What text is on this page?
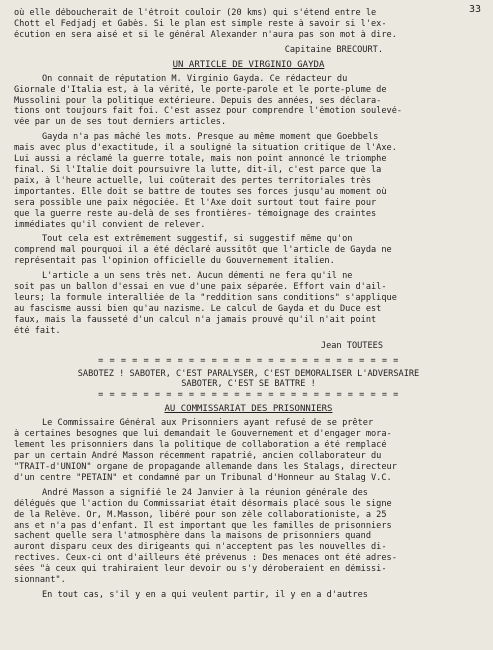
33
où elle déboucherait de l'étroit couloir (20 kms) qui s'étend entre le
Chott el Fedjadj et Gabès. Si le plan est simple reste à savoir si l'ex-
écution en sera aisé et si le général Alexander n'aura pas son mot à dire.
Capitaine BRECOURT.
UN ARTICLE DE VIRGINIO GAYDA
On connait de réputation M. Virginio Gayda. Ce rédacteur du
Giornale d'Italia est, à la vérité, le porte-parole et le porte-plume de
Mussolini pour la politique extérieure. Depuis des années, ses déclara-
tions ont toujours fait foi. C'est assez pour comprendre l'émotion soulevé-
vée par un de ses tout derniers articles.
Gayda n'a pas mâché les mots. Presque au même moment que Goebbels
mais avec plus d'exactitude, il a souligné la situation critique de l'Axe.
Lui aussi a réclamé la guerre totale, mais non point annoncé le triomphe
final. Si l'Italie doit poursuivre la lutte, dit-il, c'est parce que la
paix, à l'heure actuelle, lui coûterait des pertes territoriales très
importantes. Elle doit se battre de toutes ses forces jusqu'au moment où
sera possible une paix négociée. Et l'Axe doit surtout tout faire pour
que la guerre reste au-delà de ses frontières- témoignage des craintes
immédiates qu'il convient de relever.
Tout cela est extrêmement suggestif, si suggestif même qu'on
comprend mal pourquoi il a été déclaré aussitôt que l'article de Gayda ne
représentait pas l'opinion officielle du Gouvernement italien.
L'article a un sens très net. Aucun démenti ne fera qu'il ne
soit pas un ballon d'essai en vue d'une paix séparée. Effort vain d'ail-
leurs; la formule interalliée de la "reddition sans conditions" s'applique
au fascisme aussi bien qu'au nazisme. Le calcul de Gayda et du Duce est
faux, mais la fausseté d'un calcul n'a jamais prouvé qu'il n'ait point
été fait.
Jean TOUTEES
= = = = = = = = = = = = = = = = = = = = = = = = = = =
SABOTEZ ! SABOTER, C'EST PARALYSER, C'EST DEMORALISER L'ADVERSAIRE
SABOTER, C'EST SE BATTRE !
= = = = = = = = = = = = = = = = = = = = = = = = = = =
AU COMMISSARIAT DES PRISONNIERS
Le Commissaire Général aux Prisonniers ayant refusé de se prêter
à certaines besognes que lui demandait le Gouvernement et d'engager mora-
lement les prisonniers dans la politique de collaboration a été remplacé
par un certain André Masson récemment rapatrié, ancien collaborateur du
"TRAIT-d'UNION" organe de propagande allemande dans les Stalags, directeur
d'un centre "PETAIN" et condamné par un Tribunal d'Honneur au Stalag V.C.
André Masson a signifié le 24 Janvier à la réunion générale des
délégués que l'action du Commissariat était désormais placé sous le signe
de la Relève. Or, M.Masson, libéré pour son zèle collaborationiste, a 25
ans et n'a pas d'enfant. Il est important que les familles de prisonniers
sachent quelle sera l'atmosphère dans la maisons de prisonniers quand
auront disparu ceux des dirigeants qui n'acceptent pas les nouvelles di-
rectives. Ceux-ci ont d'ailleurs été prévenus : Des menaces ont été adres-
sées "à ceux qui trahiraient leur devoir ou s'y déroberaient en démissi-
sionnant".
En tout cas, s'il y en a qui veulent partir, il y en a d'autres
